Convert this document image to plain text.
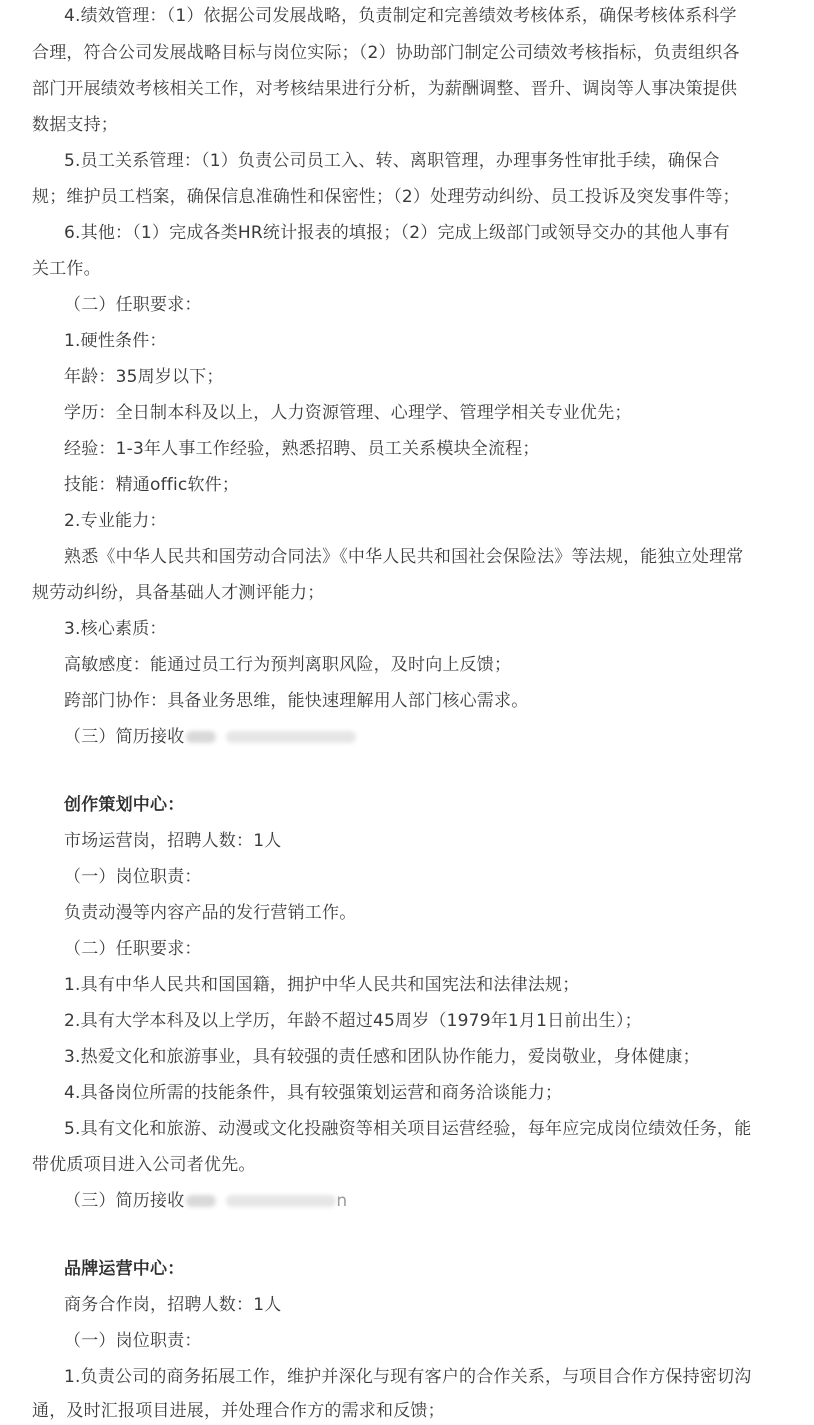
4.绩效管理：（1）依据公司发展战略，负责制定和完善绩效考核体系，确保考核体系科学
合理，符合公司发展战略目标与岗位实际；（2）协助部门制定公司绩效考核指标，负责组织各
部门开展绩效考核相关工作，对考核结果进行分析，为薪酬调整、晋升、调岗等人事决策提供
数据支持；
5.员工关系管理：（1）负责公司员工入、转、离职管理，办理事务性审批手续，确保合
规；维护员工档案，确保信息准确性和保密性；（2）处理劳动纠纷、员工投诉及突发事件等；
6.其他：（1）完成各类HR统计报表的填报；（2）完成上级部门或领导交办的其他人事有
关工作。
（二）任职要求：
1.硬性条件：
年龄：35周岁以下；
学历：全日制本科及以上，人力资源管理、心理学、管理学相关专业优先；
经验：1-3年人事工作经验，熟悉招聘、员工关系模块全流程；
技能：精通offic软件；
2.专业能力：
熟悉《中华人民共和国劳动合同法》《中华人民共和国社会保险法》等法规，能独立处理常
规劳动纠纷，具备基础人才测评能力；
3.核心素质：
高敏感度：能通过员工行为预判离职风险，及时向上反馈；
跨部门协作：具备业务思维，能快速理解用人部门核心需求。
（三）简历接收
创作策划中心：
市场运营岗，招聘人数：1人
（一）岗位职责：
负责动漫等内容产品的发行营销工作。
（二）任职要求：
1.具有中华人民共和国国籍，拥护中华人民共和国宪法和法律法规；
2.具有大学本科及以上学历，年龄不超过45周岁（1979年1月1日前出生）；
3.热爱文化和旅游事业，具有较强的责任感和团队协作能力，爱岗敬业，身体健康；
4.具备岗位所需的技能条件，具有较强策划运营和商务洽谈能力；
5.具有文化和旅游、动漫或文化投融资等相关项目运营经验，每年应完成岗位绩效任务，能
带优质项目进入公司者优先。
（三）简历接收	n
品牌运营中心：
商务合作岗，招聘人数：1人
（一）岗位职责：
1.负责公司的商务拓展工作，维护并深化与现有客户的合作关系，与项目合作方保持密切沟
通，及时汇报项目进展，并处理合作方的需求和反馈；
